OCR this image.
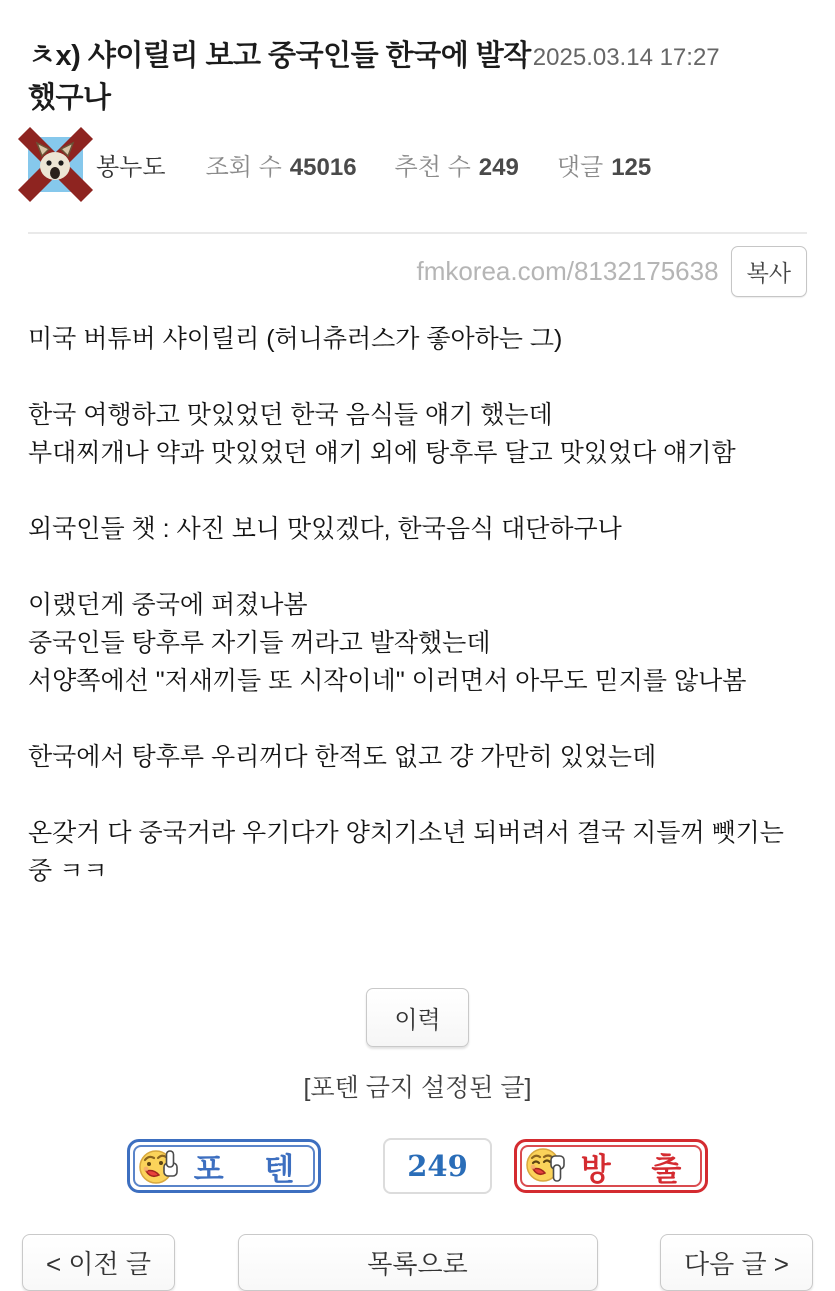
ㅊx) 샤이릴리 보고 중국인들 한국에 발작2025.03.14 17:27
했구나
봉누도 조회 수 45016 추천 수 249 댓글 125
fmkorea.com/8132175638	복사

미국 버튜버 샤이릴리 (허니츄러스가 좋아하는 그)

한국 여행하고 맛있었던 한국 음식들 얘기 했는데

부대찌개나 약과 맛있었던 얘기 외에 탕후루 달고 맛있었다 얘기함

외국인들 챗 : 사진 보니 맛있겠다, 한국음식 대단하구나

이랬던게 중국에 퍼졌나봄

중국인들 탕후루 자기들 꺼라고 발작했는데

서양쪽에선 "저새끼들 또 시작이네" 이러면서 아무도 믿지를 않나봄

한국에서 탕후루 우리꺼다 한적도 없고 걍 가만히 있었는데

온갖거 다 중국거라 우기다가 양치기소년 되버려서 결국 지들꺼 뺏기는중 ㅋㅋ

이력
[포텐 금지 설정된 글]
포 텐	249	방 출
< 이전 글	목록으로	다음 글 >
